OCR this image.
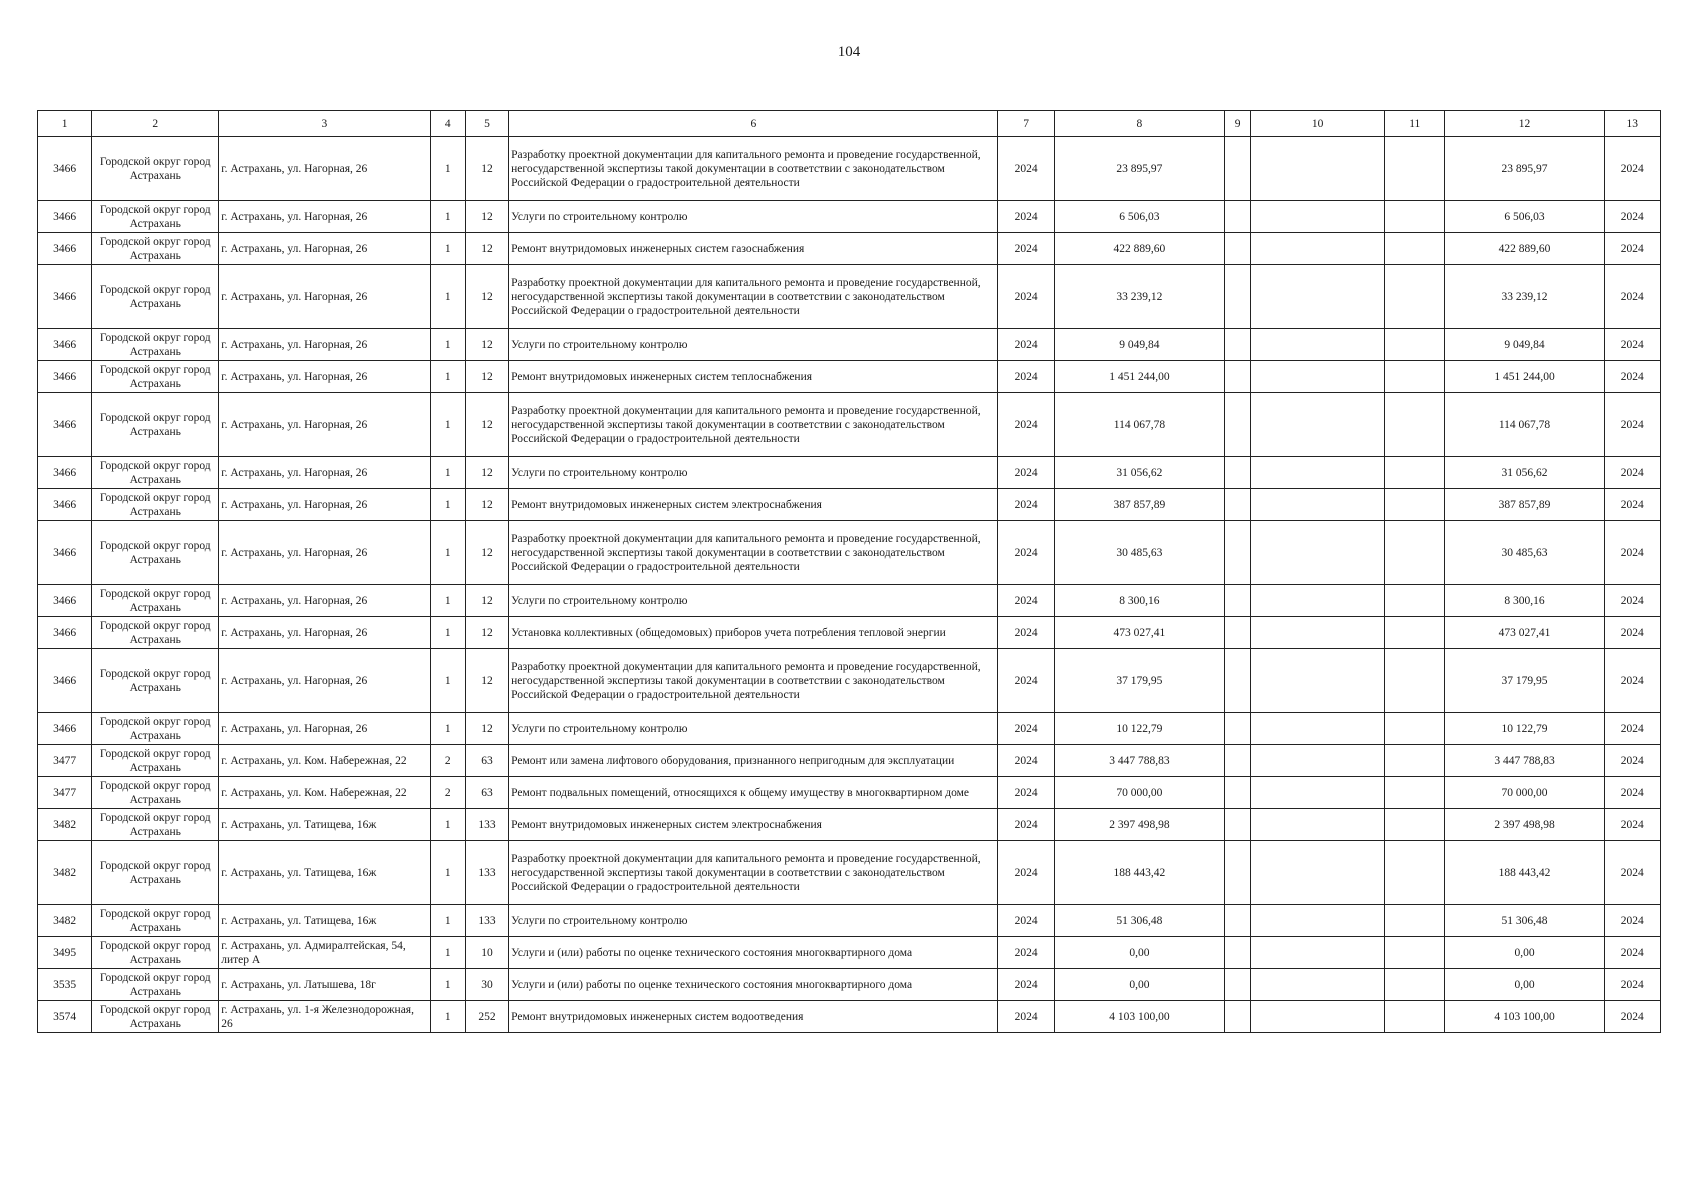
104
1	2	3	4	5	6	7	8	9	10	11	12	13
3466	Городской округ город Астрахань	г. Астрахань, ул. Нагорная, 26	1	12	Разработку проектной документации для капитального ремонта и проведение государственной, негосударственной экспертизы такой документации в соответствии с законодательством Российской Федерации о градостроительной деятельности	2024	23 895,97				23 895,97	2024
3466	Городской округ город Астрахань	г. Астрахань, ул. Нагорная, 26	1	12	Услуги по строительному контролю	2024	6 506,03				6 506,03	2024
3466	Городской округ город Астрахань	г. Астрахань, ул. Нагорная, 26	1	12	Ремонт внутридомовых инженерных систем газоснабжения	2024	422 889,60				422 889,60	2024
3466	Городской округ город Астрахань	г. Астрахань, ул. Нагорная, 26	1	12	Разработку проектной документации для капитального ремонта и проведение государственной, негосударственной экспертизы такой документации в соответствии с законодательством Российской Федерации о градостроительной деятельности	2024	33 239,12				33 239,12	2024
3466	Городской округ город Астрахань	г. Астрахань, ул. Нагорная, 26	1	12	Услуги по строительному контролю	2024	9 049,84				9 049,84	2024
3466	Городской округ город Астрахань	г. Астрахань, ул. Нагорная, 26	1	12	Ремонт внутридомовых инженерных систем теплоснабжения	2024	1 451 244,00				1 451 244,00	2024
3466	Городской округ город Астрахань	г. Астрахань, ул. Нагорная, 26	1	12	Разработку проектной документации для капитального ремонта и проведение государственной, негосударственной экспертизы такой документации в соответствии с законодательством Российской Федерации о градостроительной деятельности	2024	114 067,78				114 067,78	2024
3466	Городской округ город Астрахань	г. Астрахань, ул. Нагорная, 26	1	12	Услуги по строительному контролю	2024	31 056,62				31 056,62	2024
3466	Городской округ город Астрахань	г. Астрахань, ул. Нагорная, 26	1	12	Ремонт внутридомовых инженерных систем электроснабжения	2024	387 857,89				387 857,89	2024
3466	Городской округ город Астрахань	г. Астрахань, ул. Нагорная, 26	1	12	Разработку проектной документации для капитального ремонта и проведение государственной, негосударственной экспертизы такой документации в соответствии с законодательством Российской Федерации о градостроительной деятельности	2024	30 485,63				30 485,63	2024
3466	Городской округ город Астрахань	г. Астрахань, ул. Нагорная, 26	1	12	Услуги по строительному контролю	2024	8 300,16				8 300,16	2024
3466	Городской округ город Астрахань	г. Астрахань, ул. Нагорная, 26	1	12	Установка коллективных (общедомовых) приборов учета потребления тепловой энергии	2024	473 027,41				473 027,41	2024
3466	Городской округ город Астрахань	г. Астрахань, ул. Нагорная, 26	1	12	Разработку проектной документации для капитального ремонта и проведение государственной, негосударственной экспертизы такой документации в соответствии с законодательством Российской Федерации о градостроительной деятельности	2024	37 179,95				37 179,95	2024
3466	Городской округ город Астрахань	г. Астрахань, ул. Нагорная, 26	1	12	Услуги по строительному контролю	2024	10 122,79				10 122,79	2024
3477	Городской округ город Астрахань	г. Астрахань, ул. Ком. Набережная, 22	2	63	Ремонт или замена лифтового оборудования, признанного непригодным для эксплуатации	2024	3 447 788,83				3 447 788,83	2024
3477	Городской округ город Астрахань	г. Астрахань, ул. Ком. Набережная, 22	2	63	Ремонт подвальных помещений, относящихся к общему имуществу в многоквартирном доме	2024	70 000,00				70 000,00	2024
3482	Городской округ город Астрахань	г. Астрахань, ул. Татищева, 16ж	1	133	Ремонт внутридомовых инженерных систем электроснабжения	2024	2 397 498,98				2 397 498,98	2024
3482	Городской округ город Астрахань	г. Астрахань, ул. Татищева, 16ж	1	133	Разработку проектной документации для капитального ремонта и проведение государственной, негосударственной экспертизы такой документации в соответствии с законодательством Российской Федерации о градостроительной деятельности	2024	188 443,42				188 443,42	2024
3482	Городской округ город Астрахань	г. Астрахань, ул. Татищева, 16ж	1	133	Услуги по строительному контролю	2024	51 306,48				51 306,48	2024
3495	Городской округ город Астрахань	г. Астрахань, ул. Адмиралтейская, 54, литер А	1	10	Услуги и (или) работы по оценке технического состояния многоквартирного дома	2024	0,00				0,00	2024
3535	Городской округ город Астрахань	г. Астрахань, ул. Латышева, 18г	1	30	Услуги и (или) работы по оценке технического состояния многоквартирного дома	2024	0,00				0,00	2024
3574	Городской округ город Астрахань	г. Астрахань, ул. 1-я Железнодорожная, 26	1	252	Ремонт внутридомовых инженерных систем водоотведения	2024	4 103 100,00				4 103 100,00	2024
